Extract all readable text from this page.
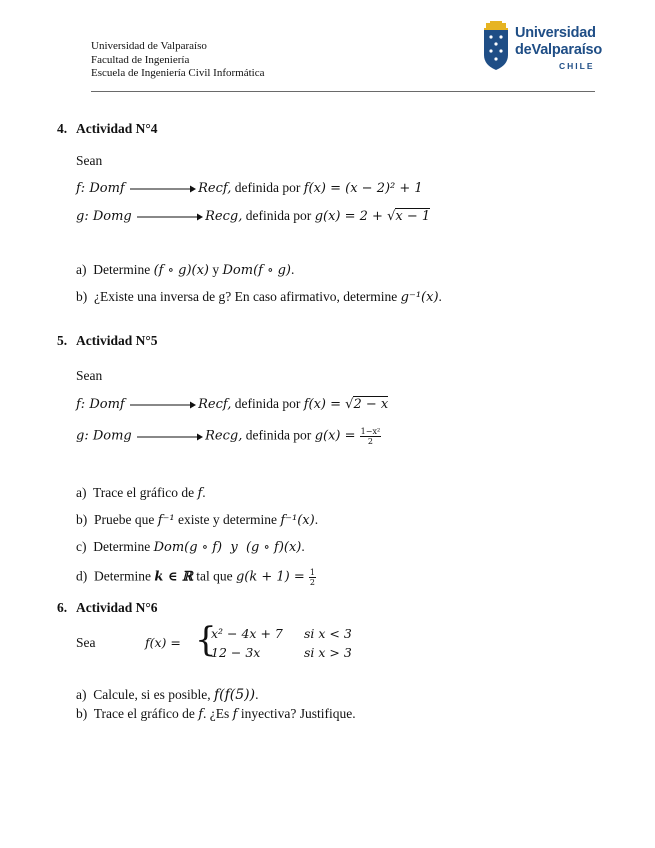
Universidad de Valparaíso
Facultad de Ingeniería
Escuela de Ingeniería Civil Informática
Universidad
deValparaíso
CHILE
4. Actividad N°4
Sean
f: Domf	Recf, definida por f(x) = (x − 2)² + 1
g: Domg	Recg, definida por g(x) = 2 + √x − 1
a) Determine (f ∘ g)(x) y Dom(f ∘ g).
b) ¿Existe una inversa de g? En caso afirmativo, determine g⁻¹(x).
5. Actividad N°5
Sean
f: Domf	Recf, definida por f(x) = √2 − x
g: Domg	Recg, definida por $g(x) = \frac{\text{1−x²}}{2}$
a) Trace el gráfico de f.
b) Pruebe que f⁻¹ existe y determine f⁻¹(x).
c) Determine Dom(g ∘ f)  y  (g ∘ f)(x).
d) Determine k ∈ ℝ tal que $g(k + 1) = \frac{1}{2}$
6. Actividad N°6
Sea	f(x) = {
x² − 4x + 7 si x < 3
12 − 3x	si x > 3
a) Calcule, si es posible, f(f(5)).
b) Trace el gráfico de f. ¿Es f inyectiva? Justifique.
